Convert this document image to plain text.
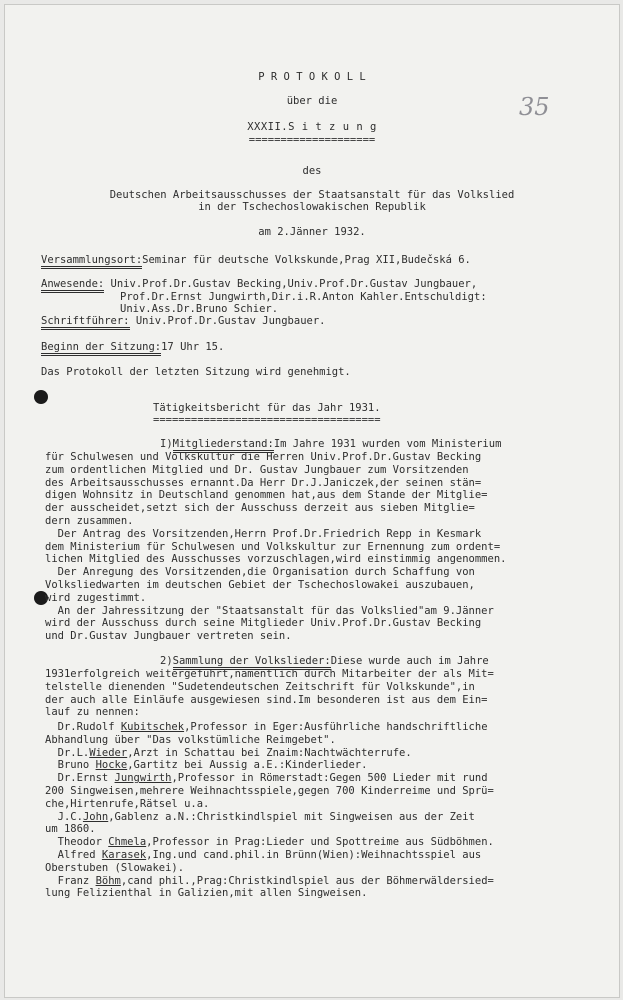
35
P R O T O K O L L
über die
XXXII.S i t z u n g
====================
des
Deutschen Arbeitsausschusses der Staatsanstalt für das Volkslied
in der Tschechoslowakischen Republik
am 2.Jänner 1932.
Versammlungsort:Seminar für deutsche Volkskunde,Prag XII,Budečská 6.
Anwesende: Univ.Prof.Dr.Gustav Becking,Univ.Prof.Dr.Gustav Jungbauer,
Prof.Dr.Ernst Jungwirth,Dir.i.R.Anton Kahler.Entschuldigt:
Univ.Ass.Dr.Bruno Schier.
Schriftführer: Univ.Prof.Dr.Gustav Jungbauer.
Beginn der Sitzung:17 Uhr 15.
Das Protokoll der letzten Sitzung wird genehmigt.
Tätigkeitsbericht für das Jahr 1931.
====================================
I)Mitgliederstand:Im Jahre 1931 wurden vom Ministerium
für Schulwesen und Volkskultur die Herren Univ.Prof.Dr.Gustav Becking
zum ordentlichen Mitglied und Dr. Gustav Jungbauer zum Vorsitzenden
des Arbeitsausschusses ernannt.Da Herr Dr.J.Janiczek,der seinen stän=
digen Wohnsitz in Deutschland genommen hat,aus dem Stande der Mitglie=
der ausscheidet,setzt sich der Ausschuss derzeit aus sieben Mitglie=
dern zusammen.
Der Antrag des Vorsitzenden,Herrn Prof.Dr.Friedrich Repp in Kesmark
dem Ministerium für Schulwesen und Volkskultur zur Ernennung zum ordent=
lichen Mitglied des Ausschusses vorzuschlagen,wird einstimmig angenommen.
Der Anregung des Vorsitzenden,die Organisation durch Schaffung von
Volksliedwarten im deutschen Gebiet der Tschechoslowakei auszubauen,
wird zugestimmt.
An der Jahressitzung der "Staatsanstalt für das Volkslied"am 9.Jänner
wird der Ausschuss durch seine Mitglieder Univ.Prof.Dr.Gustav Becking
und Dr.Gustav Jungbauer vertreten sein.
2)Sammlung der Volkslieder:Diese wurde auch im Jahre
1931erfolgreich weitergeführt,namentlich durch Mitarbeiter der als Mit=
telstelle dienenden "Sudetendeutschen Zeitschrift für Volkskunde",in
der auch alle Einläufe ausgewiesen sind.Im besonderen ist aus dem Ein=
lauf zu nennen:
Dr.Rudolf Kubitschek,Professor in Eger:Ausführliche handschriftliche
Abhandlung über "Das volkstümliche Reimgebet".
Dr.L.Wieder,Arzt in Schattau bei Znaim:Nachtwächterrufe.
Bruno Hocke,Gartitz bei Aussig a.E.:Kinderlieder.
Dr.Ernst Jungwirth,Professor in Römerstadt:Gegen 500 Lieder mit rund
200 Singweisen,mehrere Weihnachtsspiele,gegen 700 Kinderreime und Sprü=
che,Hirtenrufe,Rätsel u.a.
J.C.John,Gablenz a.N.:Christkindlspiel mit Singweisen aus der Zeit
um 1860.
Theodor Chmela,Professor in Prag:Lieder und Spottreime aus Südböhmen.
Alfred Karasek,Ing.und cand.phil.in Brünn(Wien):Weihnachtsspiel aus
Oberstuben (Slowakei).
Franz Böhm,cand phil.,Prag:Christkindlspiel aus der Böhmerwäldersied=
lung Felizienthal in Galizien,mit allen Singweisen.
